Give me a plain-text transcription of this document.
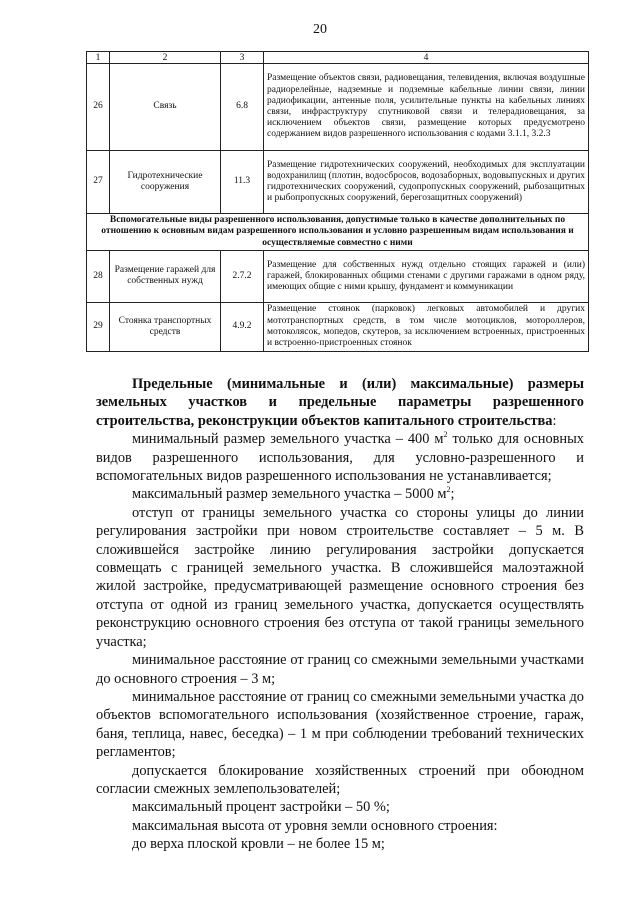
20
1	2	3	4
26	Связь	6.8	Размещение объектов связи, радиовещания, телевидения, включая воздушные радиорелейные, надземные и подземные кабельные линии связи, линии радиофикации, антенные поля, усилительные пункты на кабельных линиях связи, инфраструктуру спутниковой связи и телерадиовещания, за исключением объектов связи, размещение которых предусмотрено содержанием видов разрешенного использования с кодами 3.1.1, 3.2.3
27	Гидротехнические сооружения	11.3	Размещение гидротехнических сооружений, необходимых для эксплуатации водохранилищ (плотин, водосбросов, водозаборных, водовыпускных и других гидротехнических сооружений, судопропускных сооружений, рыбозащитных и рыбопропускных сооружений, берегозащитных сооружений)
Вспомогательные виды разрешенного использования, допустимые только в качестве дополнительных по отношению к основным видам разрешенного использования и условно разрешенным видам использования и осуществляемые совместно с ними			
28	Размещение гаражей для собственных нужд	2.7.2	Размещение для собственных нужд отдельно стоящих гаражей и (или) гаражей, блокированных общими стенами с другими гаражами в одном ряду, имеющих общие с ними крышу, фундамент и коммуникации
29	Стоянка транспортных средств	4.9.2	Размещение стоянок (парковок) легковых автомобилей и других мототранспортных средств, в том числе мотоциклов, мотороллеров, мотоколясок, мопедов, скутеров, за исключением встроенных, пристроенных и встроенно-пристроенных стоянок

Предельные (минимальные и (или) максимальные) размеры земельных участков и предельные параметры разрешенного строительства, реконструкции объектов капитального строительства:

минимальный размер земельного участка – 400 $м^2$ только для основных видов разрешенного использования, для условно-разрешенного и вспомогательных видов разрешенного использования не устанавливается;

максимальный размер земельного участка – 5000 $м^2$;

отступ от границы земельного участка со стороны улицы до линии регулирования застройки при новом строительстве составляет – 5 м. В сложившейся застройке линию регулирования застройки допускается совмещать с границей земельного участка. В сложившейся малоэтажной жилой застройке, предусматривающей размещение основного строения без отступа от одной из границ земельного участка, допускается осуществлять реконструкцию основного строения без отступа от такой границы земельного участка;

минимальное расстояние от границ со смежными земельными участками до основного строения – 3 м;

минимальное расстояние от границ со смежными земельными участка до объектов вспомогательного использования (хозяйственное строение, гараж, баня, теплица, навес, беседка) – 1 м при соблюдении требований технических регламентов;

допускается блокирование хозяйственных строений при обоюдном согласии смежных землепользователей;

максимальный процент застройки – 50 %;

максимальная высота от уровня земли основного строения:

до верха плоской кровли – не более 15 м;
